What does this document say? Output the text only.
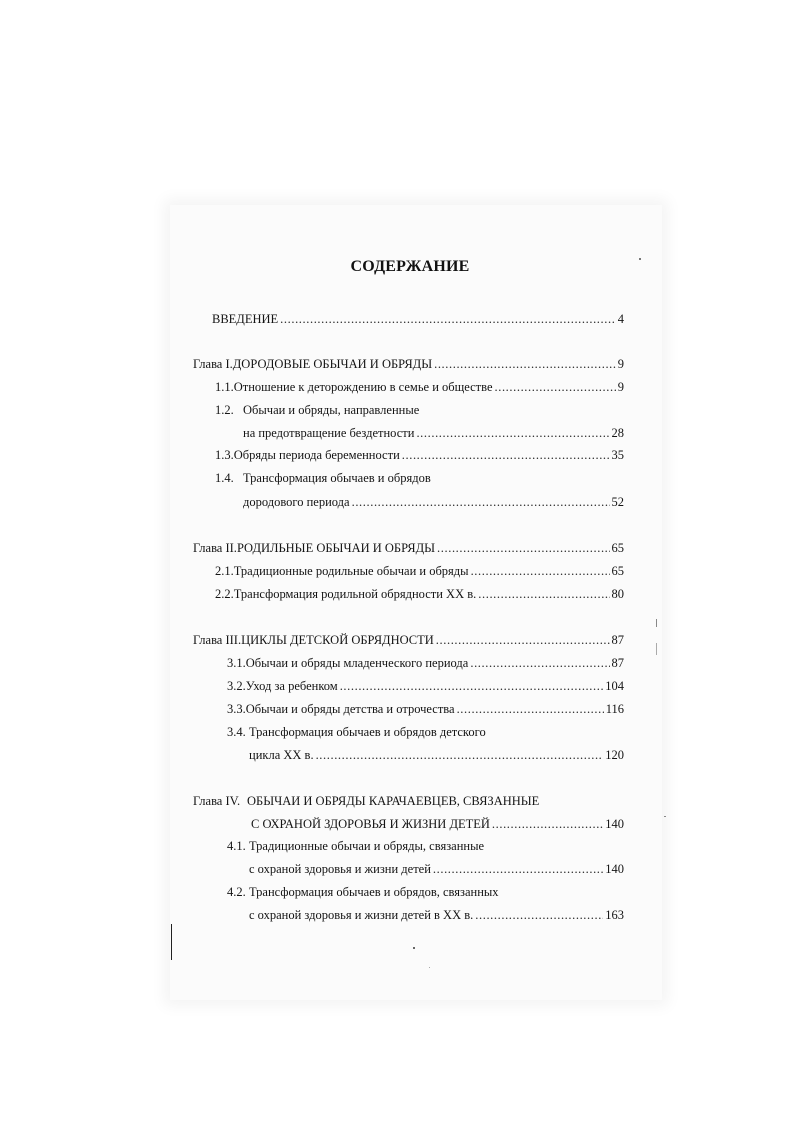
СОДЕРЖАНИЕ
ВВЕДЕНИЕ .....	4
Глава I. ДОРОДОВЫЕ ОБЫЧАИ И ОБРЯДЫ .....	9
1.1. Отношение к деторождению в семье и обществе .....	9
1.2. Обычаи и обряды, направленные
на предотвращение бездетности .....	28
1.3. Обряды периода беременности .....	35
1.4. Трансформация обычаев и обрядов
дородового периода .....	52
Глава II. РОДИЛЬНЫЕ ОБЫЧАИ И ОБРЯДЫ .....	65
2.1. Традиционные родильные обычаи и обряды .....	65
2.2. Трансформация родильной обрядности XX в. .....	80
Глава III. ЦИКЛЫ ДЕТСКОЙ ОБРЯДНОСТИ .....	87
3.1. Обычаи и обряды младенческого периода .....	87
3.2. Уход за ребенком .....	104
3.3. Обычаи и обряды детства и отрочества .....	116
3.4. Трансформация обычаев и обрядов детского
цикла XX в. .....	120
Глава IV. ОБЫЧАИ И ОБРЯДЫ КАРАЧАЕВЦЕВ, СВЯЗАННЫЕ
С ОХРАНОЙ ЗДОРОВЬЯ И ЖИЗНИ ДЕТЕЙ .....	140
4.1. Традиционные обычаи и обряды, связанные
с охраной здоровья и жизни детей .....	140
4.2. Трансформация обычаев и обрядов, связанных
с охраной здоровья и жизни детей в XX в. .....	163
